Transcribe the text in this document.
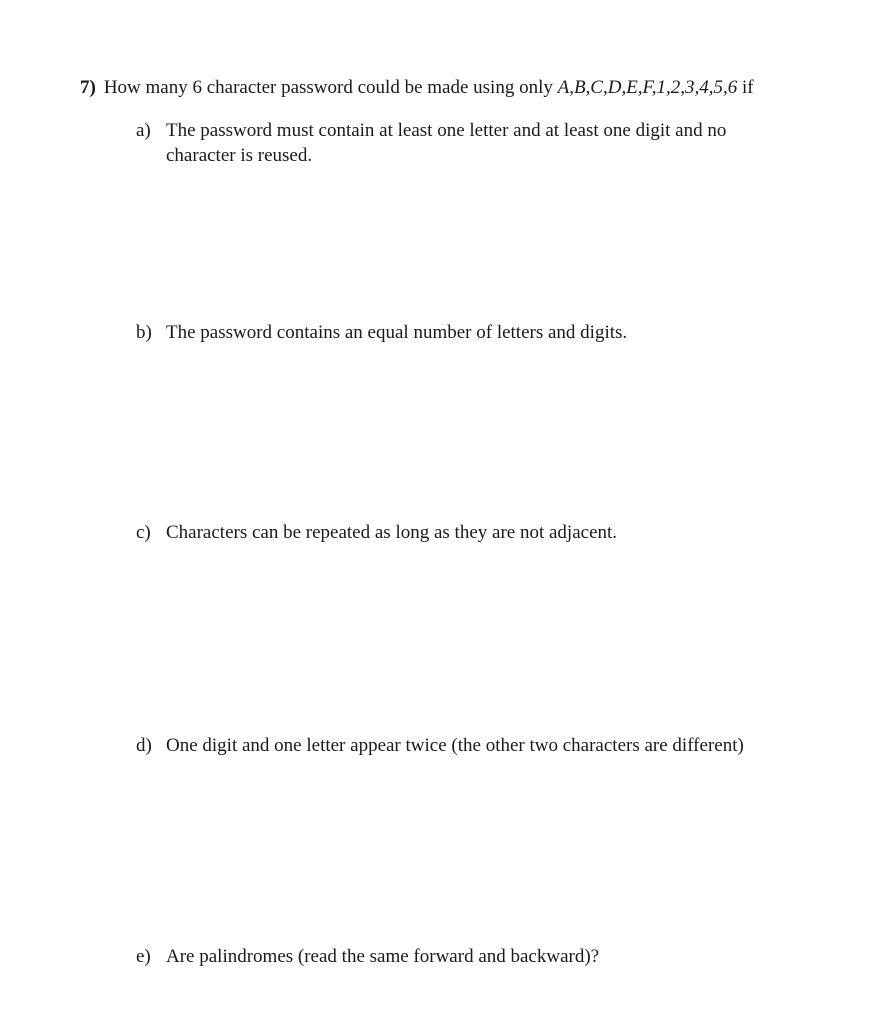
7) How many 6 character password could be made using only A,B,C,D,E,F,1,2,3,4,5,6 if
a) The password must contain at least one letter and at least one digit and no character is reused.
b) The password contains an equal number of letters and digits.
c) Characters can be repeated as long as they are not adjacent.
d) One digit and one letter appear twice (the other two characters are different)
e) Are palindromes (read the same forward and backward)?
